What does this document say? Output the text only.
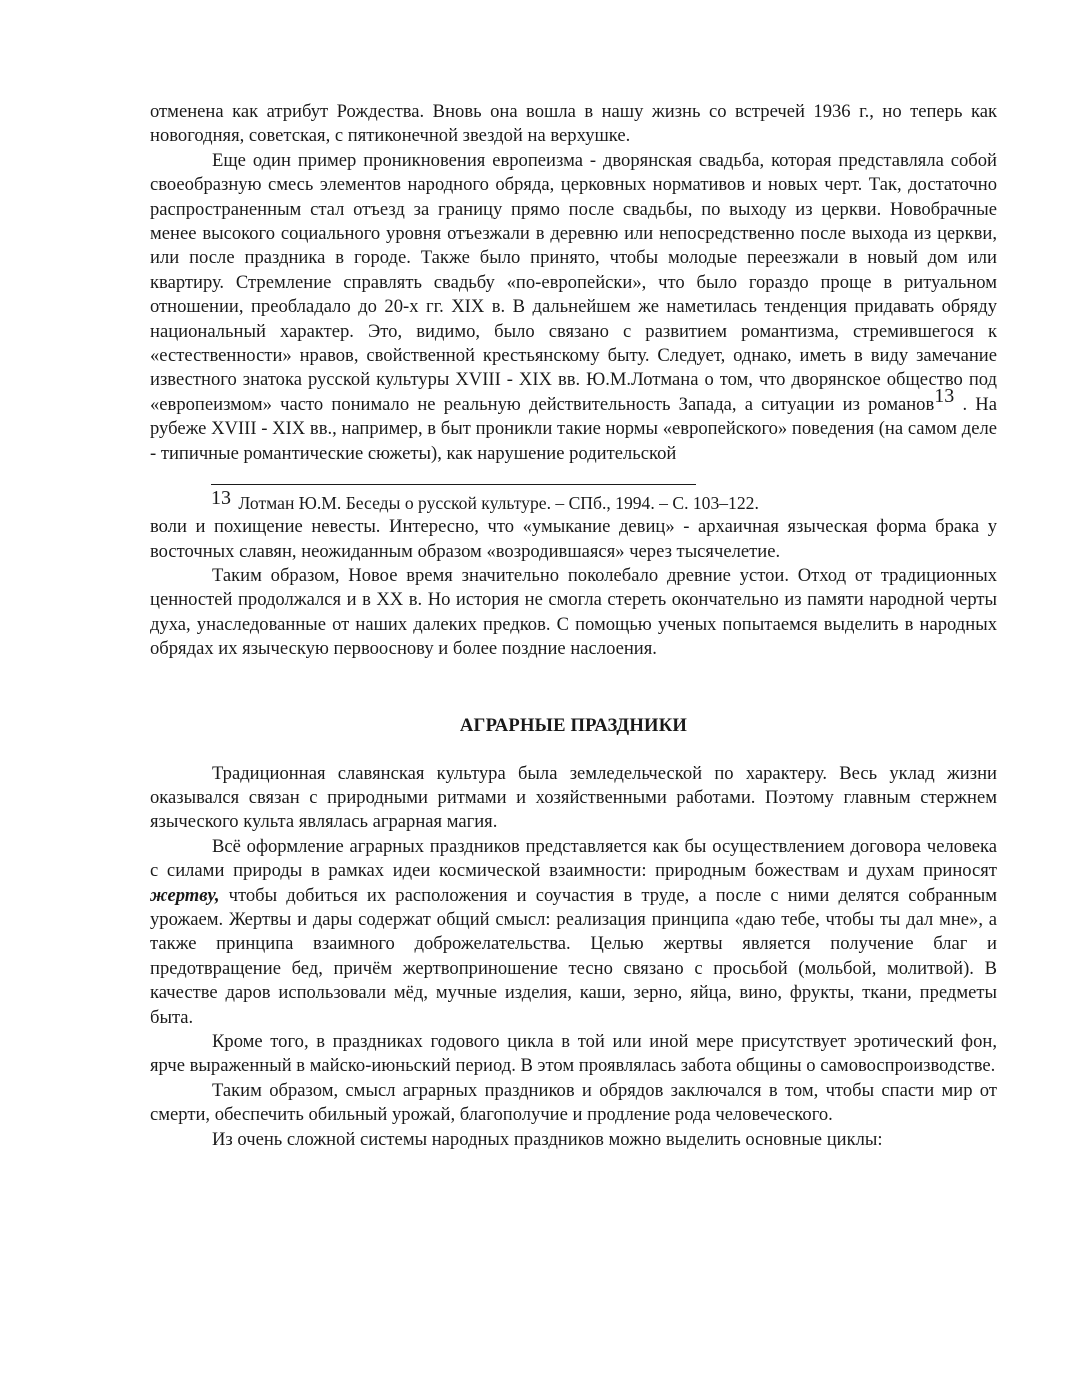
отменена как атрибут Рождества. Вновь она вошла в нашу жизнь со встречей 1936 г., но теперь как новогодняя, советская, с пятиконечной звездой на верхушке.

Еще один пример проникновения европеизма - дворянская свадьба, которая представляла собой своеобразную смесь элементов народного обряда, церковных нормативов и новых черт. Так, достаточно распространенным стал отъезд за границу прямо после свадьбы, по выходу из церкви. Новобрачные менее высокого социального уровня отъезжали в деревню или непосредственно после выхода из церкви, или после праздника в городе. Также было принято, чтобы молодые переезжали в новый дом или квартиру. Стремление справлять свадьбу «по-европейски», что было гораздо проще в ритуальном отношении, преобладало до 20-х гг. XIX в. В дальнейшем же наметилась тенденция придавать обряду национальный характер. Это, видимо, было связано с развитием романтизма, стремившегося к «естественности» нравов, свойственной крестьянскому быту. Следует, однако, иметь в виду замечание известного знатока русской культуры XVIII - XIX вв. Ю.М.Лотмана о том, что дворянское общество под «европеизмом» часто понимало не реальную действительность Запада, а ситуации из романов$^{13}$ . На рубеже XVIII - XIX вв., например, в быт проникли такие нормы «европейского» поведения (на самом деле - типичные романтические сюжеты), как нарушение родительской

$^{13}$ Лотман Ю.М. Беседы о русской культуре. – СПб., 1994. – С. 103–122.

воли и похищение невесты. Интересно, что «умыкание девиц» - архаичная языческая форма брака у восточных славян, неожиданным образом «возродившаяся» через тысячелетие.

Таким образом, Новое время значительно поколебало древние устои. Отход от традиционных ценностей продолжался и в XX в. Но история не смогла стереть окончательно из памяти народной черты духа, унаследованные от наших далеких предков. С помощью ученых попытаемся выделить в народных обрядах их языческую первооснову и более поздние наслоения.

АГРАРНЫЕ ПРАЗДНИКИ

Традиционная славянская культура была земледельческой по характеру. Весь уклад жизни оказывался связан с природными ритмами и хозяйственными работами. Поэтому главным стержнем языческого культа являлась аграрная магия.

Всё оформление аграрных праздников представляется как бы осуществлением договора человека с силами природы в рамках идеи космической взаимности: природным божествам и духам приносят жертву, чтобы добиться их расположения и соучастия в труде, а после с ними делятся собранным урожаем. Жертвы и дары содержат общий смысл: реализация принципа «даю тебе, чтобы ты дал мне», а также принципа взаимного доброжелательства. Целью жертвы является получение благ и предотвращение бед, причём жертвоприношение тесно связано с просьбой (мольбой, молитвой). В качестве даров использовали мёд, мучные изделия, каши, зерно, яйца, вино, фрукты, ткани, предметы быта.

Кроме того, в праздниках годового цикла в той или иной мере присутствует эротический фон, ярче выраженный в майско-июньский период. В этом проявлялась забота общины о самовоспроизводстве.

Таким образом, смысл аграрных праздников и обрядов заключался в том, чтобы спасти мир от смерти, обеспечить обильный урожай, благополучие и продление рода человеческого.

Из очень сложной системы народных праздников можно выделить основные циклы:
